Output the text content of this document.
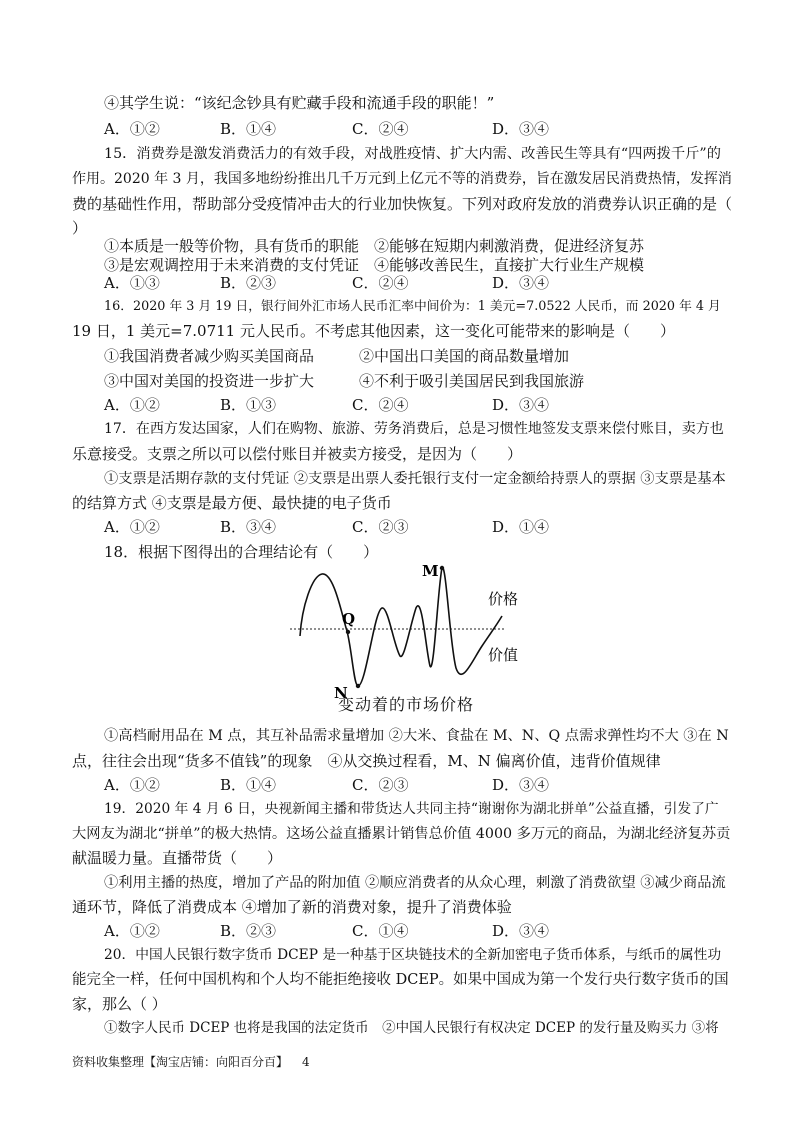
④其学生说：“该纪念钞具有贮藏手段和流通手段的职能！”
A．①②	B．①④	C．②④	D．③④
15．消费券是激发消费活力的有效手段，对战胜疫情、扩大内需、改善民生等具有“四两拨千斤”的
作用。2020 年 3 月，我国多地纷纷推出几千万元到上亿元不等的消费券，旨在激发居民消费热情，发挥消
费的基础性作用，帮助部分受疫情冲击大的行业加快恢复。下列对政府发放的消费券认识正确的是（
）
①本质是一般等价物，具有货币的职能　②能够在短期内刺激消费，促进经济复苏
③是宏观调控用于未来消费的支付凭证　④能够改善民生，直接扩大行业生产规模
A．①③	B．②③	C．②④	D．③④
16．2020 年 3 月 19 日，银行间外汇市场人民币汇率中间价为：1 美元=7.0522 人民币，而 2020 年 4 月
19 日，1 美元=7.0711 元人民币。不考虑其他因素，这一变化可能带来的影响是（　　）
①我国消费者减少购买美国商品　　　②中国出口美国的商品数量增加
③中国对美国的投资进一步扩大　　　④不利于吸引美国居民到我国旅游
A．①②	B．①③	C．②④	D．③④
17．在西方发达国家，人们在购物、旅游、劳务消费后，总是习惯性地签发支票来偿付账目，卖方也
乐意接受。支票之所以可以偿付账目并被卖方接受，是因为（　　）
①支票是活期存款的支付凭证 ②支票是出票人委托银行支付一定金额给持票人的票据 ③支票是基本
的结算方式 ④支票是最方便、最快捷的电子货币
A．①②	B．③④	C．②③	D．①④
18．根据下图得出的合理结论有（　　）
M
N
Q
价格
价值
变动着的市场价格
①高档耐用品在 M 点，其互补品需求量增加 ②大米、食盐在 M、N、Q 点需求弹性均不大 ③在 N
点，往往会出现“货多不值钱”的现象　④从交换过程看，M、N 偏离价值，违背价值规律
A．①②	B．①④	C．②③	D．③④
19．2020 年 4 月 6 日，央视新闻主播和带货达人共同主持“谢谢你为湖北拼单”公益直播，引发了广
大网友为湖北“拼单”的极大热情。这场公益直播累计销售总价值 4000 多万元的商品，为湖北经济复苏贡
献温暖力量。直播带货（　　）
①利用主播的热度，增加了产品的附加值 ②顺应消费者的从众心理，刺激了消费欲望 ③减少商品流
通环节，降低了消费成本 ④增加了新的消费对象，提升了消费体验
A．①②	B．②③	C．①④	D．③④
20．中国人民银行数字货币 DCEP 是一种基于区块链技术的全新加密电子货币体系，与纸币的属性功
能完全一样，任何中国机构和个人均不能拒绝接收 DCEP。如果中国成为第一个发行央行数字货币的国
家，那么（ ）
①数字人民币 DCEP 也将是我国的法定货币　②中国人民银行有权决定 DCEP 的发行量及购买力 ③将
资料收集整理【淘宝店铺：向阳百分百】 4
